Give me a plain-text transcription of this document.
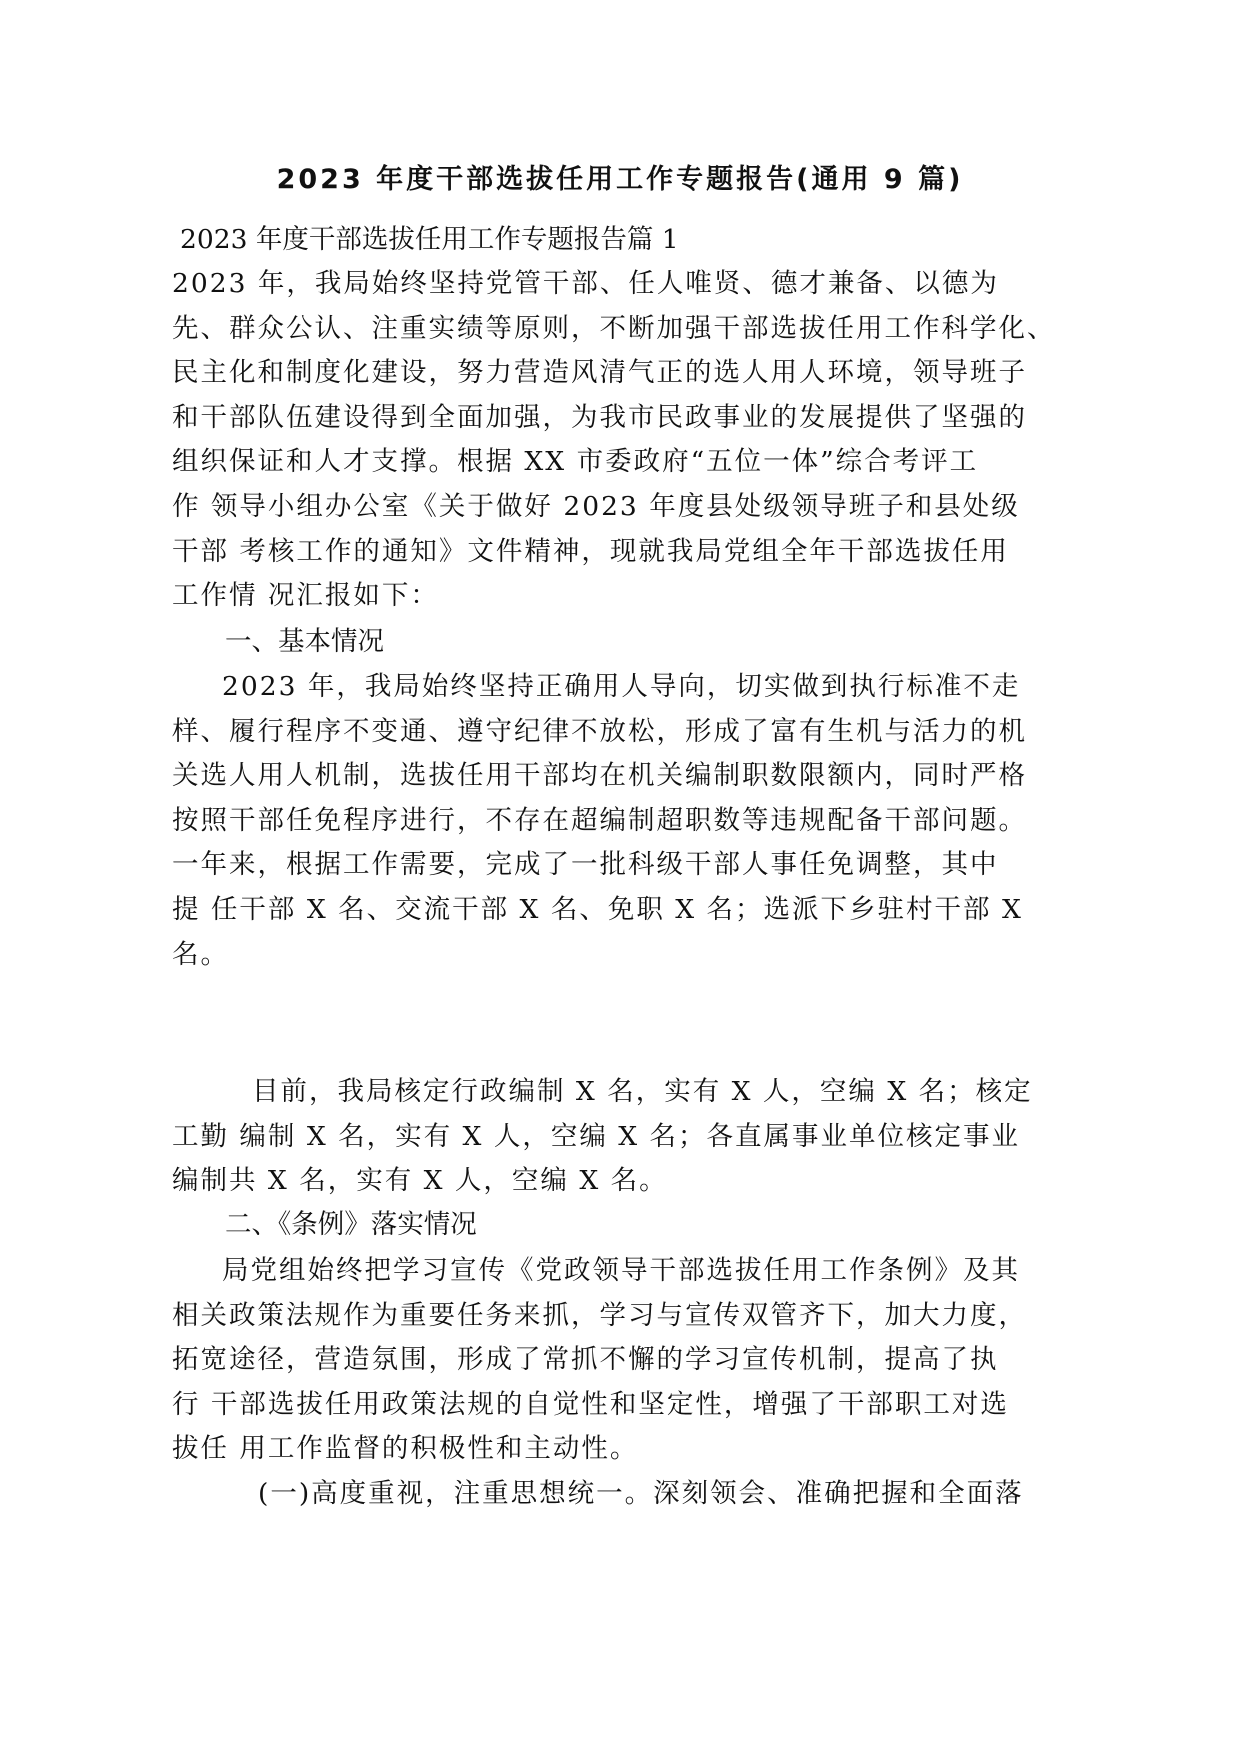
2023 年度干部选拔任用工作专题报告(通用 9 篇)

2023 年度干部选拔任用工作专题报告篇 1

2023 年，我局始终坚持党管干部、任人唯贤、德才兼备、以德为
先、群众公认、注重实绩等原则，不断加强干部选拔任用工作科学化、
民主化和制度化建设，努力营造风清气正的选人用人环境，领导班子
和干部队伍建设得到全面加强，为我市民政事业的发展提供了坚强的
组织保证和人才支撑。根据 XX 市委政府“五位一体”综合考评工
作 领导小组办公室《关于做好 2023 年度县处级领导班子和县处级
干部 考核工作的通知》文件精神，现就我局党组全年干部选拔任用
工作情 况汇报如下：

一、基本情况

2023 年，我局始终坚持正确用人导向，切实做到执行标准不走
样、履行程序不变通、遵守纪律不放松，形成了富有生机与活力的机
关选人用人机制，选拔任用干部均在机关编制职数限额内，同时严格
按照干部任免程序进行，不存在超编制超职数等违规配备干部问题。
一年来，根据工作需要，完成了一批科级干部人事任免调整，其中
提 任干部 X 名、交流干部 X 名、免职 X 名；选派下乡驻村干部 X
名。

目前，我局核定行政编制 X 名，实有 X 人，空编 X 名；核定
工勤 编制 X 名，实有 X 人，空编 X 名；各直属事业单位核定事业
编制共 X 名，实有 X 人，空编 X 名。

二、《条例》落实情况

局党组始终把学习宣传《党政领导干部选拔任用工作条例》及其
相关政策法规作为重要任务来抓，学习与宣传双管齐下，加大力度，
拓宽途径，营造氛围，形成了常抓不懈的学习宣传机制，提高了执
行 干部选拔任用政策法规的自觉性和坚定性，增强了干部职工对选
拔任 用工作监督的积极性和主动性。

(一)高度重视，注重思想统一。深刻领会、准确把握和全面落
